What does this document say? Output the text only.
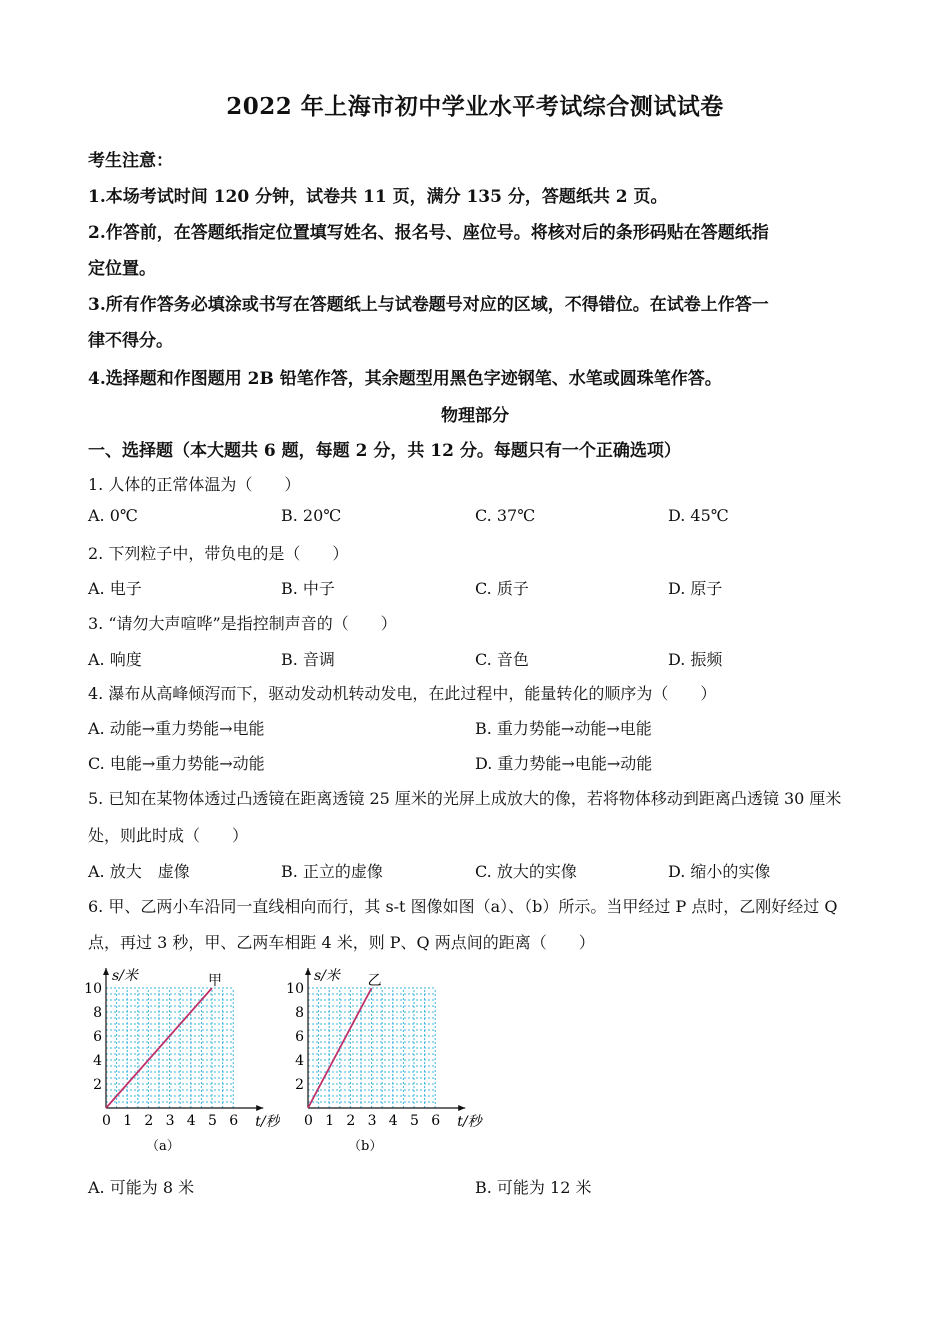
2022 年上海市初中学业水平考试综合测试试卷
考生注意：
1.本场考试时间 120 分钟，试卷共 11 页，满分 135 分，答题纸共 2 页。
2.作答前，在答题纸指定位置填写姓名、报名号、座位号。将核对后的条形码贴在答题纸指
定位置。
3.所有作答务必填涂或书写在答题纸上与试卷题号对应的区域，不得错位。在试卷上作答一
律不得分。
4.选择题和作图题用 2B 铅笔作答，其余题型用黑色字迹钢笔、水笔或圆珠笔作答。
物理部分
一、选择题（本大题共 6 题，每题 2 分，共 12 分。每题只有一个正确选项）
1. 人体的正常体温为（　　）
A. 0℃	B. 20℃	C. 37℃	D. 45℃
2. 下列粒子中，带负电的是（　　）
A. 电子	B. 中子	C. 质子	D. 原子
3. “请勿大声喧哗”是指控制声音的（　　）
A. 响度	B. 音调	C. 音色	D. 振频
4. 瀑布从高峰倾泻而下，驱动发动机转动发电，在此过程中，能量转化的顺序为（　　）
A. 动能→重力势能→电能	B. 重力势能→动能→电能
C. 电能→重力势能→动能	D. 重力势能→电能→动能
5. 已知在某物体透过凸透镜在距离透镜 25 厘米的光屏上成放大的像，若将物体移动到距离凸透镜 30 厘米
处，则此时成（　　）
A. 放大　虚像	B. 正立的虚像	C. 放大的实像	D. 缩小的实像
6. 甲、乙两小车沿同一直线相向而行，其 s-t 图像如图（a）、（b）所示。当甲经过 P 点时，乙刚好经过 Q
点，再过 3 秒，甲、乙两车相距 4 米，则 P、Q 两点间的距离（　　）
s/米
t/秒
0 1 2 3 4 5 6
2
4
6
8
10	甲
（a）
s/米
t/秒
0 1 2 3 4 5 6
2
4
6
8
10	乙
（b）
A. 可能为 8 米	B. 可能为 12 米
